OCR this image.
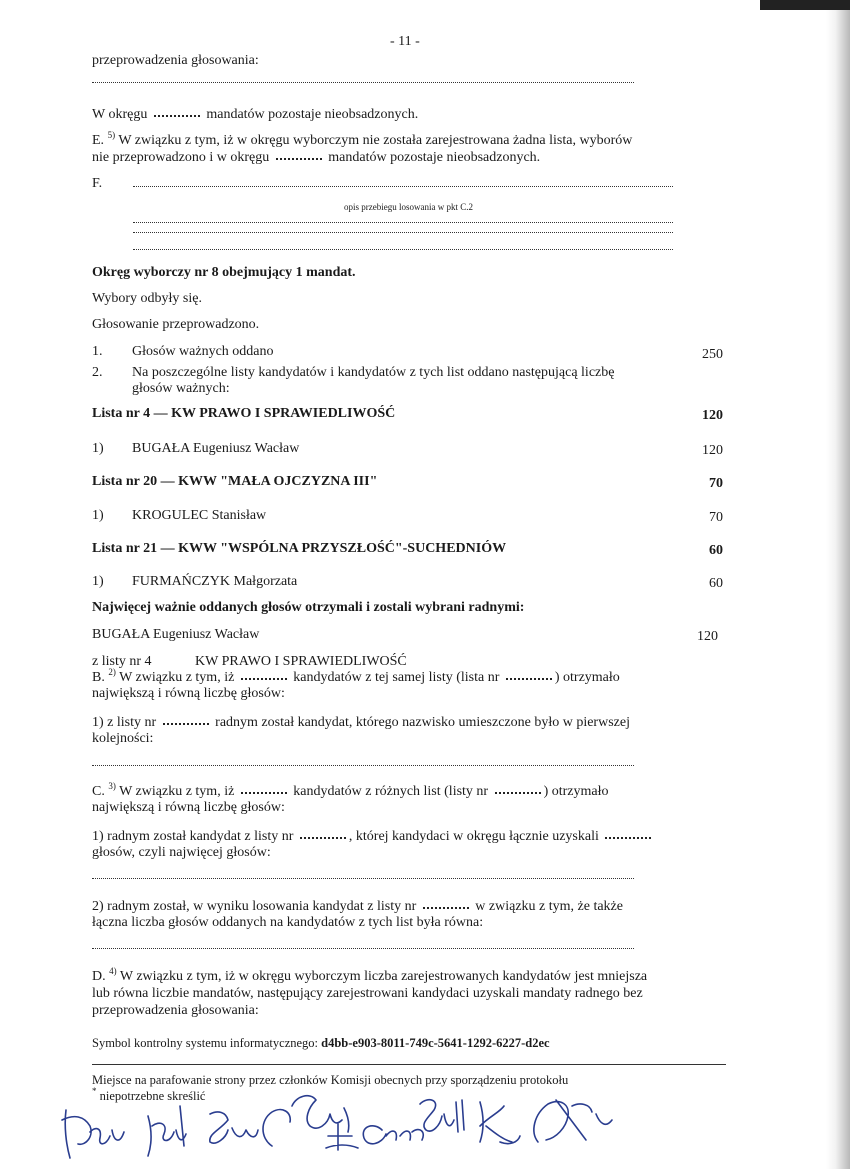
- 11 -
przeprowadzenia głosowania:
W okręgu	mandatów pozostaje nieobsadzonych.
E. $^{5)}$ W związku z tym, iż w okręgu wyborczym nie została zarejestrowana żadna lista, wyborów
nie przeprowadzono i w okręgu	mandatów pozostaje nieobsadzonych.
F.
opis przebiegu losowania w pkt C.2
Okręg wyborczy nr 8 obejmujący 1 mandat.
Wybory odbyły się.
Głosowanie przeprowadzono.
1. Głosów ważnych oddano	250
2. Na poszczególne listy kandydatów i kandydatów z tych list oddano następującą liczbę
głosów ważnych:
Lista nr 4 — KW PRAWO I SPRAWIEDLIWOŚĆ	120
1) BUGAŁA Eugeniusz Wacław	120
Lista nr 20 — KWW "MAŁA OJCZYZNA III"	70
1) KROGULEC Stanisław	70
Lista nr 21 — KWW "WSPÓLNA PRZYSZŁOŚĆ"-SUCHEDNIÓW	60
1) FURMAŃCZYK Małgorzata	60
Najwięcej ważnie oddanych głosów otrzymali i zostali wybrani radnymi:
BUGAŁA Eugeniusz Wacław	120
z listy nr 4	KW PRAWO I SPRAWIEDLIWOŚĆ
B. $^{2)}$ W związku z tym, iż	kandydatów z tej samej listy (lista nr	) otrzymało
największą i równą liczbę głosów:
1) z listy nr	radnym został kandydat, którego nazwisko umieszczone było w pierwszej
kolejności:
C. $^{3)}$ W związku z tym, iż	kandydatów z różnych list (listy nr	) otrzymało
największą i równą liczbę głosów:
1) radnym został kandydat z listy nr	, której kandydaci w okręgu łącznie uzyskali
głosów, czyli najwięcej głosów:
2) radnym został, w wyniku losowania kandydat z listy nr	w związku z tym, że także
łączna liczba głosów oddanych na kandydatów z tych list była równa:
D. $^{4)}$ W związku z tym, iż w okręgu wyborczym liczba zarejestrowanych kandydatów jest mniejsza
lub równa liczbie mandatów, następujący zarejestrowani kandydaci uzyskali mandaty radnego bez
przeprowadzenia głosowania:
Symbol kontrolny systemu informatycznego: d4bb-e903-8011-749c-5641-1292-6227-d2ec
Miejsce na parafowanie strony przez członków Komisji obecnych przy sporządzeniu protokołu
* niepotrzebne skreślić
